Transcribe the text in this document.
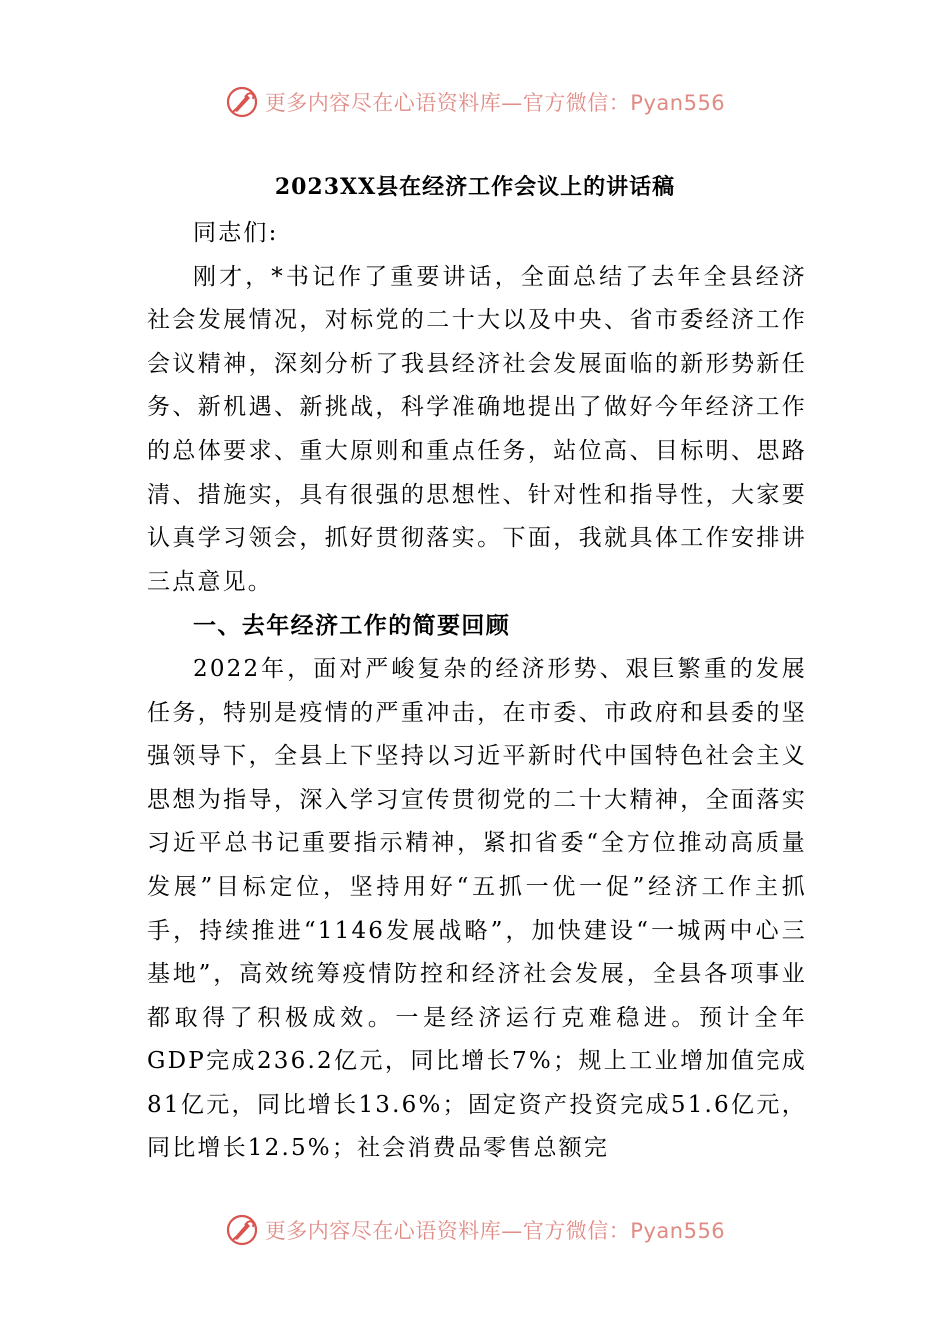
更多内容尽在心语资料库—官方微信：Pyan556
2023XX县在经济工作会议上的讲话稿

同志们:

刚才，*书记作了重要讲话，全面总结了去年全县经济社会发展情况，对标党的二十大以及中央、省市委经济工作会议精神，深刻分析了我县经济社会发展面临的新形势新任务、新机遇、新挑战，科学准确地提出了做好今年经济工作的总体要求、重大原则和重点任务，站位高、目标明、思路清、措施实，具有很强的思想性、针对性和指导性，大家要认真学习领会，抓好贯彻落实。下面，我就具体工作安排讲三点意见。

一、去年经济工作的简要回顾

2022年，面对严峻复杂的经济形势、艰巨繁重的发展任务，特别是疫情的严重冲击，在市委、市政府和县委的坚强领导下，全县上下坚持以习近平新时代中国特色社会主义思想为指导，深入学习宣传贯彻党的二十大精神，全面落实习近平总书记重要指示精神，紧扣省委“全方位推动高质量发展”目标定位，坚持用好“五抓一优一促”经济工作主抓手，持续推进“1146发展战略”，加快建设“一城两中心三基地”，高效统筹疫情防控和经济社会发展，全县各项事业都取得了积极成效。一是经济运行克难稳进。预计全年GDP完成236.2亿元，同比增长7%；规上工业增加值完成81亿元，同比增长13.6%；固定资产投资完成51.6亿元，同比增长12.5%；社会消费品零售总额完

更多内容尽在心语资料库—官方微信：Pyan556
